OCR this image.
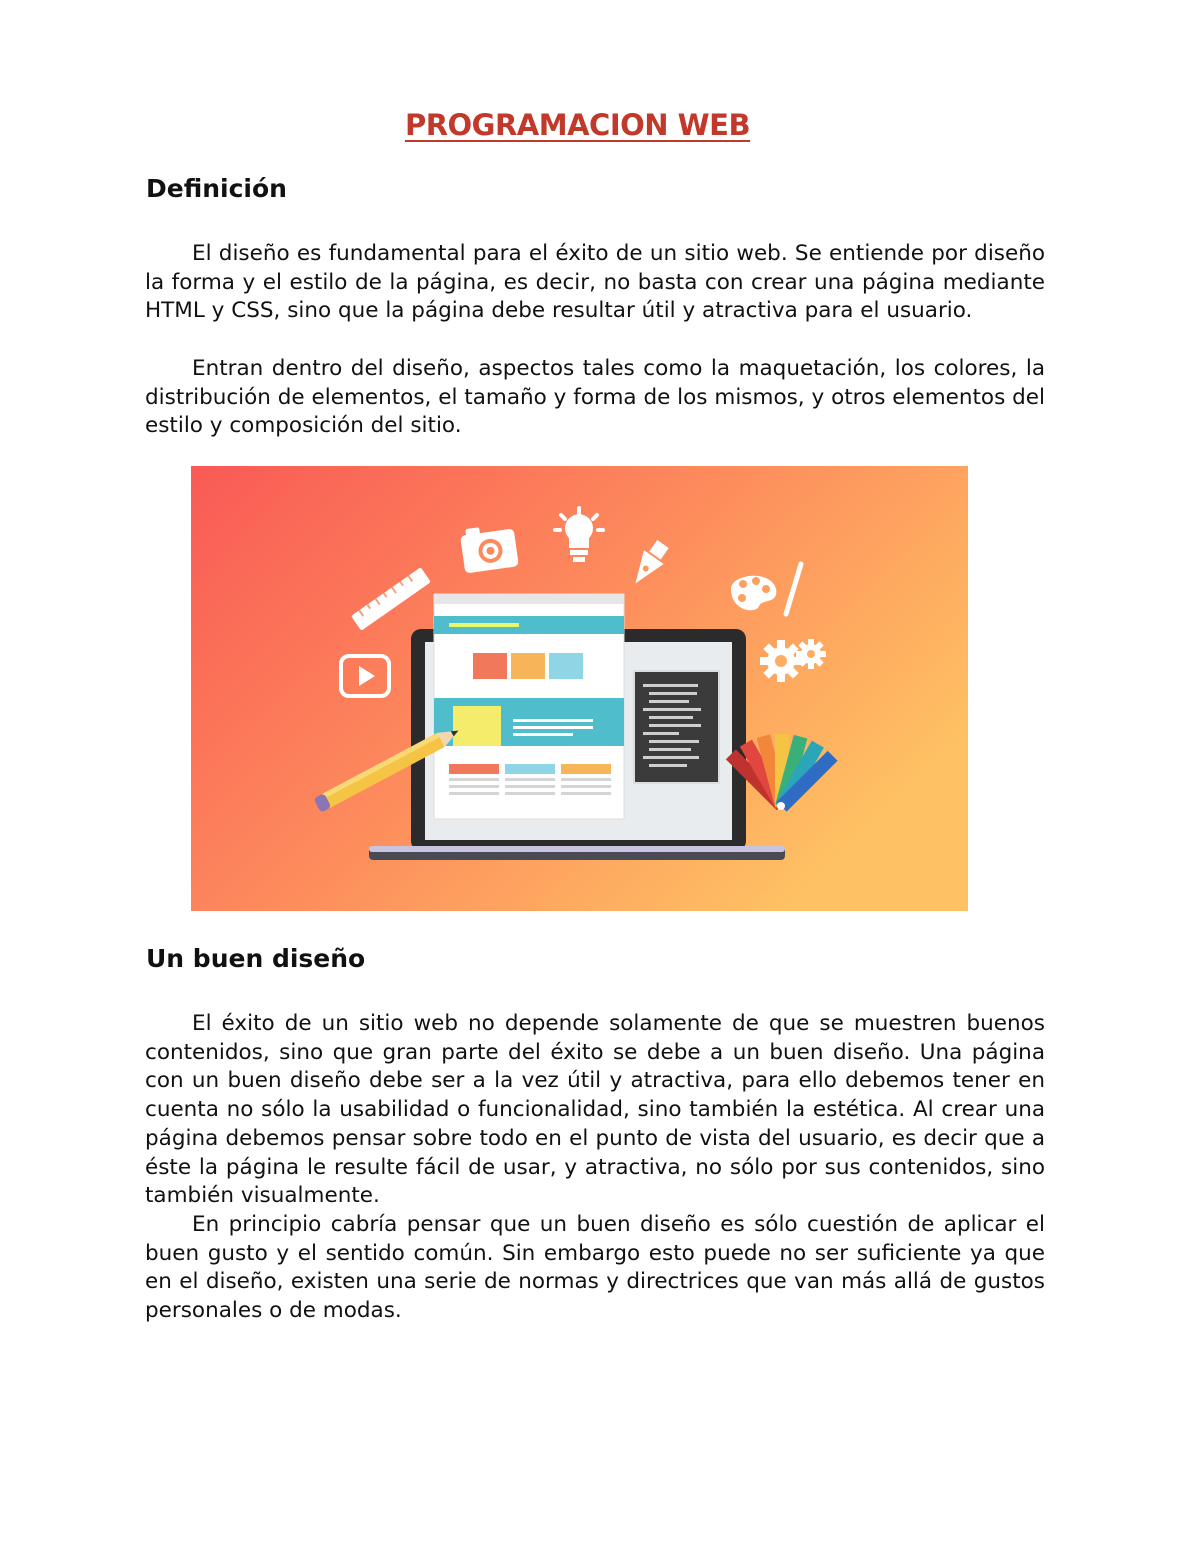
PROGRAMACION WEB
Definición

El diseño es fundamental para el éxito de un sitio web. Se entiende por diseño la forma y el estilo de la página, es decir, no basta con crear una página mediante HTML y CSS, sino que la página debe resultar útil y atractiva para el usuario.

Entran dentro del diseño, aspectos tales como la maquetación, los colores, la distribución de elementos, el tamaño y forma de los mismos, y otros elementos del estilo y composición del sitio.

Un buen diseño

El éxito de un sitio web no depende solamente de que se muestren buenos contenidos, sino que gran parte del éxito se debe a un buen diseño. Una página con un buen diseño debe ser a la vez útil y atractiva, para ello debemos tener en cuenta no sólo la usabilidad o funcionalidad, sino también la estética. Al crear una página debemos pensar sobre todo en el punto de vista del usuario, es decir que a éste la página le resulte fácil de usar, y atractiva, no sólo por sus contenidos, sino también visualmente.

En principio cabría pensar que un buen diseño es sólo cuestión de aplicar el buen gusto y el sentido común. Sin embargo esto puede no ser suficiente ya que en el diseño, existen una serie de normas y directrices que van más allá de gustos personales o de modas.
